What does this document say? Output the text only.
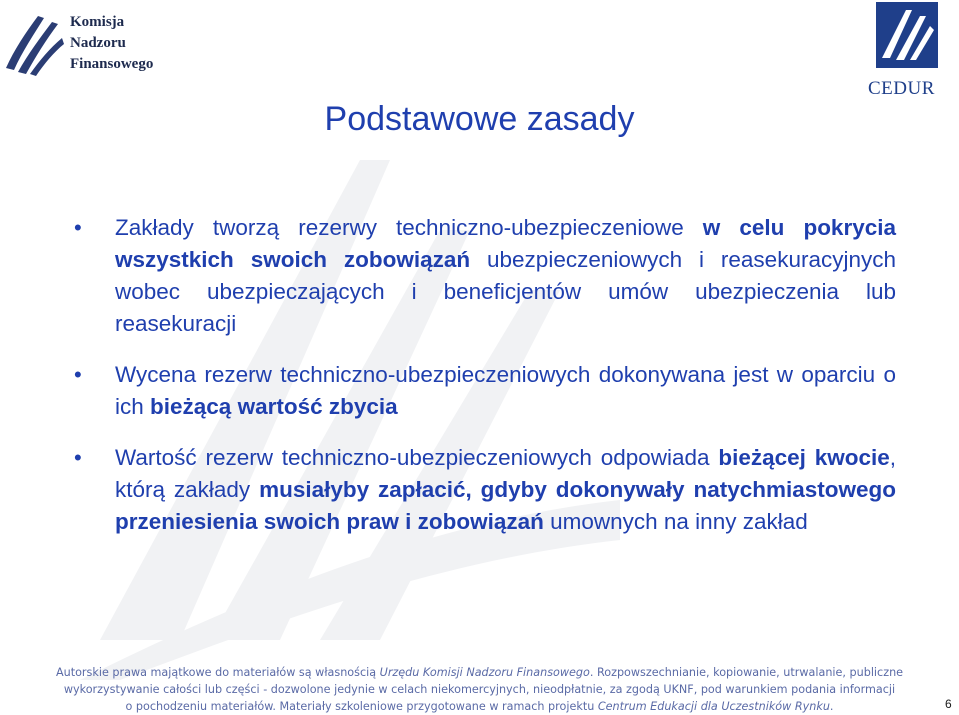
Komisja
Nadzoru
Finansowego
CEDUR
Podstawowe zasady
• Zakłady tworzą rezerwy techniczno-ubezpieczeniowe w celu pokrycia wszystkich swoich zobowiązań ubezpieczeniowych i reasekuracyjnych wobec ubezpieczających i beneficjentów umów ubezpieczenia lub reasekuracji
• Wycena rezerw techniczno-ubezpieczeniowych dokonywana jest w oparciu o ich bieżącą wartość zbycia
• Wartość rezerw techniczno-ubezpieczeniowych odpowiada bieżącej kwocie, którą zakłady musiałyby zapłacić, gdyby dokonywały natychmiastowego przeniesienia swoich praw i zobowiązań umownych na inny zakład
Autorskie prawa majątkowe do materiałów są własnością Urzędu Komisji Nadzoru Finansowego. Rozpowszechnianie, kopiowanie, utrwalanie, publiczne
wykorzystywanie całości lub części - dozwolone jedynie w celach niekomercyjnych, nieodpłatnie, za zgodą UKNF, pod warunkiem podania informacji
o pochodzeniu materiałów. Materiały szkoleniowe przygotowane w ramach projektu Centrum Edukacji dla Uczestników Rynku.	6
